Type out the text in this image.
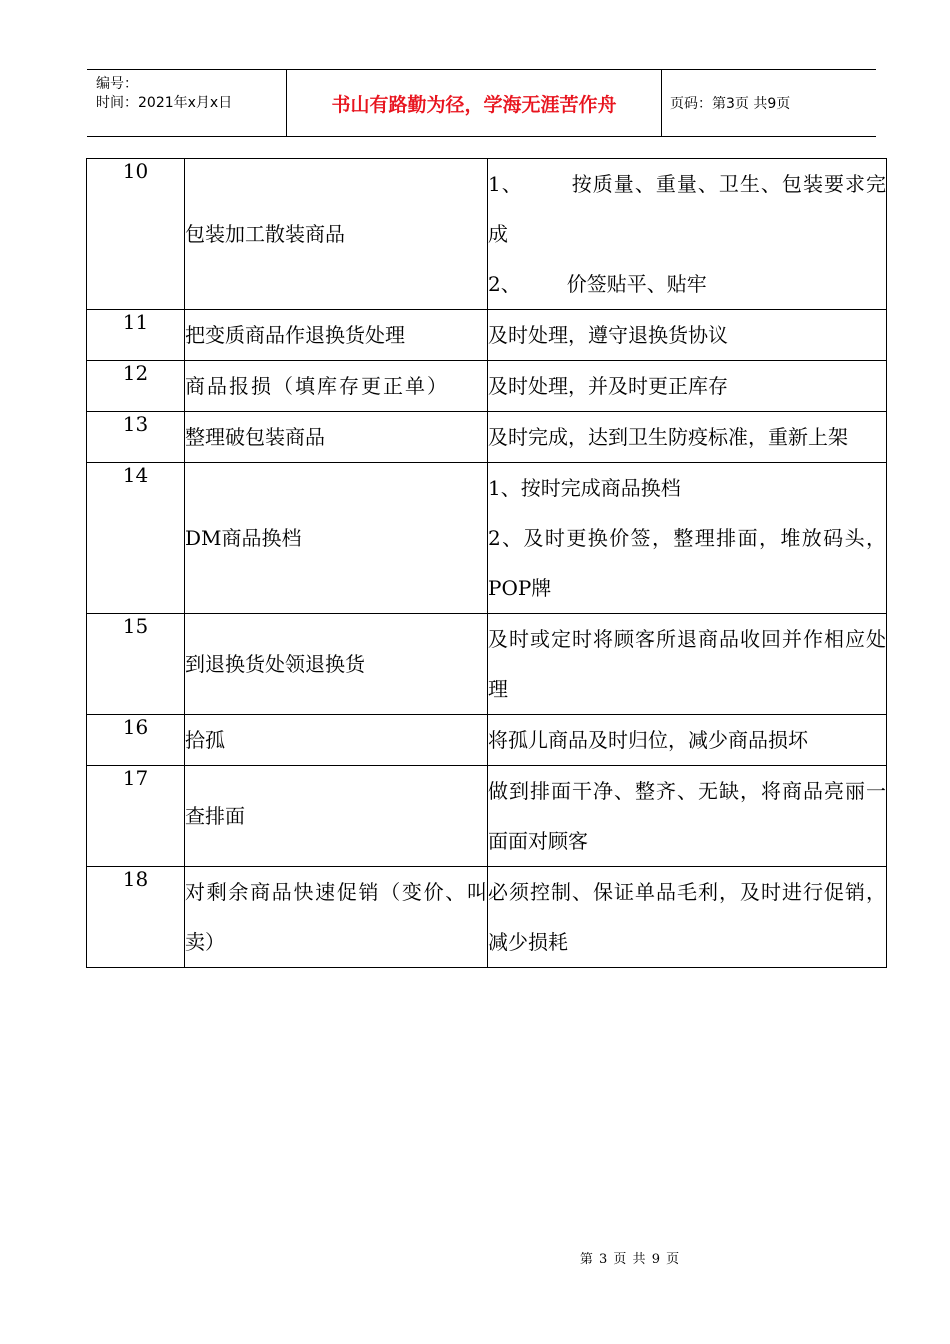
编号：
时间：2021年x月x日	书山有路勤为径，学海无涯苦作舟	页码：第3页 共9页
10	包装加工散装商品	1、 按质量、重量、卫生、包装要求完成
2、 价签贴平、贴牢

11	把变质商品作退换货处理	及时处理，遵守退换货协议
12	商品报损（填库存更正单）	及时处理，并及时更正库存
13	整理破包装商品	及时完成，达到卫生防疫标准，重新上架
14	DM商品换档	1、按时完成商品换档
2、及时更换价签，整理排面，堆放码头，POP牌

15	到退换货处领退换货	及时或定时将顾客所退商品收回并作相应处理
16	拾孤	将孤儿商品及时归位，减少商品损坏
17	查排面	做到排面干净、整齐、无缺，将商品亮丽一面面对顾客
18	对剩余商品快速促销（变价、叫卖）	必须控制、保证单品毛利，及时进行促销，减少损耗
第 3 页 共 9 页
